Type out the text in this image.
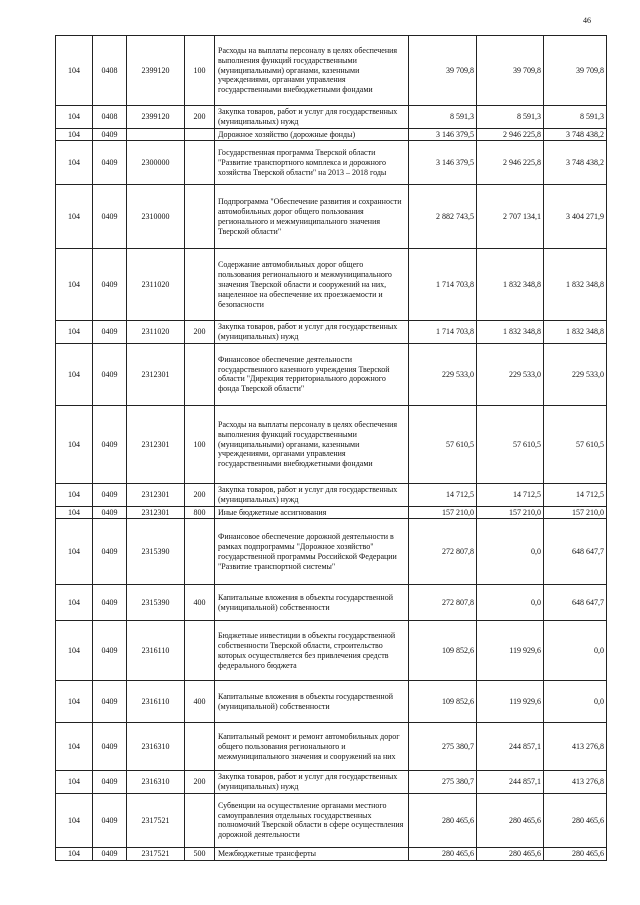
46
104	0408	2399120	100	Расходы на выплаты персоналу в целях обеспечения выполнения функций государственными (муниципальными) органами, казенными учреждениями, органами управления государственными внебюджетными фондами	39 709,8	39 709,8	39 709,8
104	0408	2399120	200	Закупка товаров, работ и услуг для государственных (муниципальных) нужд	8 591,3	8 591,3	8 591,3
104	0409			Дорожное хозяйство (дорожные фонды)	3 146 379,5	2 946 225,8	3 748 438,2
104	0409	2300000		Государственная программа Тверской области "Развитие транспортного комплекса и дорожного хозяйства Тверской области" на 2013 – 2018 годы	3 146 379,5	2 946 225,8	3 748 438,2
104	0409	2310000		Подпрограмма "Обеспечение развития и сохранности автомобильных дорог общего пользования регионального и межмуниципального значения Тверской области"	2 882 743,5	2 707 134,1	3 404 271,9
104	0409	2311020		Содержание автомобильных дорог общего пользования регионального и межмуниципального значения Тверской области и сооружений на них, нацеленное на обеспечение их проезжаемости и безопасности	1 714 703,8	1 832 348,8	1 832 348,8
104	0409	2311020	200	Закупка товаров, работ и услуг для государственных (муниципальных) нужд	1 714 703,8	1 832 348,8	1 832 348,8
104	0409	2312301		Финансовое обеспечение деятельности государственного казенного учреждения Тверской области "Дирекция территориального дорожного фонда Тверской области"	229 533,0	229 533,0	229 533,0
104	0409	2312301	100	Расходы на выплаты персоналу в целях обеспечения выполнения функций государственными (муниципальными) органами, казенными учреждениями, органами управления государственными внебюджетными фондами	57 610,5	57 610,5	57 610,5
104	0409	2312301	200	Закупка товаров, работ и услуг для государственных (муниципальных) нужд	14 712,5	14 712,5	14 712,5
104	0409	2312301	800	Иные бюджетные ассигнования	157 210,0	157 210,0	157 210,0
104	0409	2315390		Финансовое обеспечение дорожной деятельности в рамках подпрограммы "Дорожное хозяйство" государственной программы Российской Федерации "Развитие транспортной системы"	272 807,8	0,0	648 647,7
104	0409	2315390	400	Капитальные вложения в объекты государственной (муниципальной) собственности	272 807,8	0,0	648 647,7
104	0409	2316110		Бюджетные инвестиции в объекты государственной собственности Тверской области, строительство которых осуществляется без привлечения средств федерального бюджета	109 852,6	119 929,6	0,0
104	0409	2316110	400	Капитальные вложения в объекты государственной (муниципальной) собственности	109 852,6	119 929,6	0,0
104	0409	2316310		Капитальный ремонт и ремонт автомобильных дорог общего пользования регионального и межмуниципального значения и сооружений на них	275 380,7	244 857,1	413 276,8
104	0409	2316310	200	Закупка товаров, работ и услуг для государственных (муниципальных) нужд	275 380,7	244 857,1	413 276,8
104	0409	2317521		Субвенции на осуществление органами местного самоуправления отдельных государственных полномочий Тверской области в сфере осуществления дорожной деятельности	280 465,6	280 465,6	280 465,6
104	0409	2317521	500	Межбюджетные трансферты	280 465,6	280 465,6	280 465,6
